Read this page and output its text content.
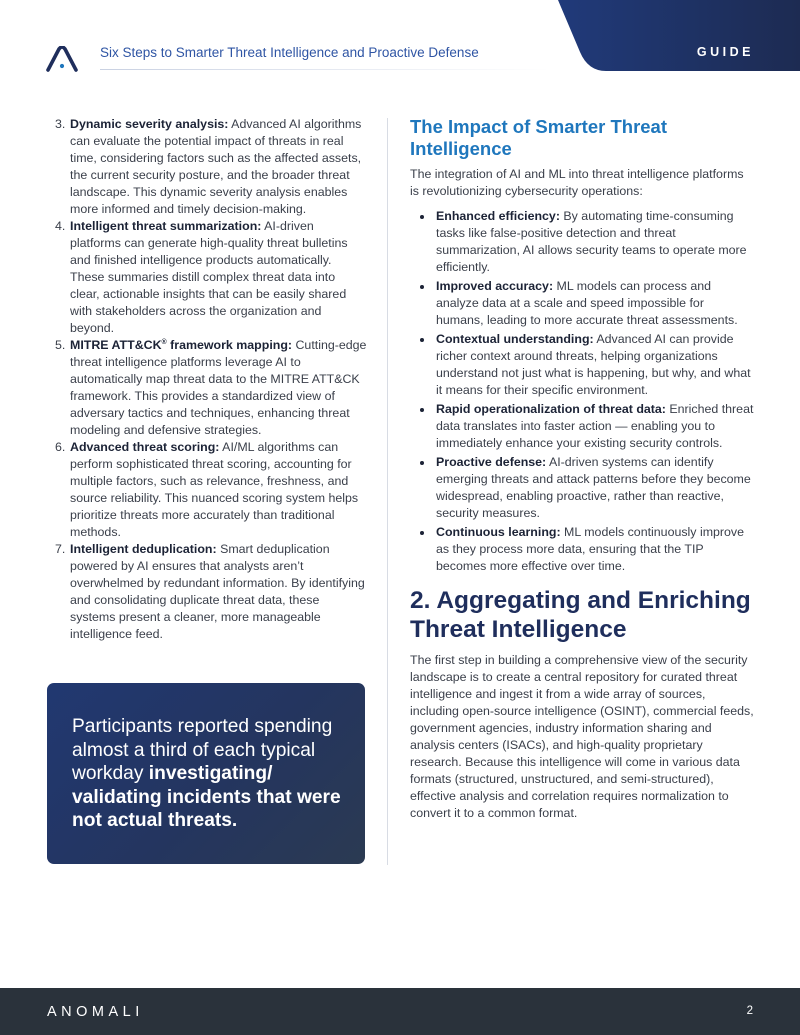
Six Steps to Smarter Threat Intelligence and Proactive Defense	GUIDE
3. Dynamic severity analysis: Advanced AI algorithms can evaluate the potential impact of threats in real time, considering factors such as the affected assets, the current security posture, and the broader threat landscape. This dynamic severity analysis enables more informed and timely decision-making.
4. Intelligent threat summarization: AI-driven platforms can generate high-quality threat bulletins and finished intelligence products automatically. These summaries distill complex threat data into clear, actionable insights that can be easily shared with stakeholders across the organization and beyond.
5. MITRE ATT&CK® framework mapping: Cutting-edge threat intelligence platforms leverage AI to automatically map threat data to the MITRE ATT&CK framework. This provides a standardized view of adversary tactics and techniques, enhancing threat modeling and defensive strategies.
6. Advanced threat scoring: AI/ML algorithms can perform sophisticated threat scoring, accounting for multiple factors, such as relevance, freshness, and source reliability. This nuanced scoring system helps prioritize threats more accurately than traditional methods.
7. Intelligent deduplication: Smart deduplication powered by AI ensures that analysts aren’t overwhelmed by redundant information. By identifying and consolidating duplicate threat data, these systems present a cleaner, more manageable intelligence feed.

Participants reported spending almost a third of each typical workday investigating/ validating incidents that were not actual threats.

The Impact of Smarter Threat Intelligence

The integration of AI and ML into threat intelligence platforms is revolutionizing cybersecurity operations:

Enhanced efficiency: By automating time-consuming tasks like false-positive detection and threat summarization, AI allows security teams to operate more efficiently.
Improved accuracy: ML models can process and analyze data at a scale and speed impossible for humans, leading to more accurate threat assessments.
Contextual understanding: Advanced AI can provide richer context around threats, helping organizations understand not just what is happening, but why, and what it means for their specific environment.
Rapid operationalization of threat data: Enriched threat data translates into faster action — enabling you to immediately enhance your existing security controls.
Proactive defense: AI-driven systems can identify emerging threats and attack patterns before they become widespread, enabling proactive, rather than reactive, security measures.
Continuous learning: ML models continuously improve as they process more data, ensuring that the TIP becomes more effective over time.
2. Aggregating and Enriching Threat Intelligence

The first step in building a comprehensive view of the security landscape is to create a central repository for curated threat intelligence and ingest it from a wide array of sources, including open-source intelligence (OSINT), commercial feeds, government agencies, industry information sharing and analysis centers (ISACs), and high-quality proprietary research. Because this intelligence will come in various data formats (structured, unstructured, and semi-structured), effective analysis and correlation requires normalization to convert it to a common format.

ANOMALI	2
